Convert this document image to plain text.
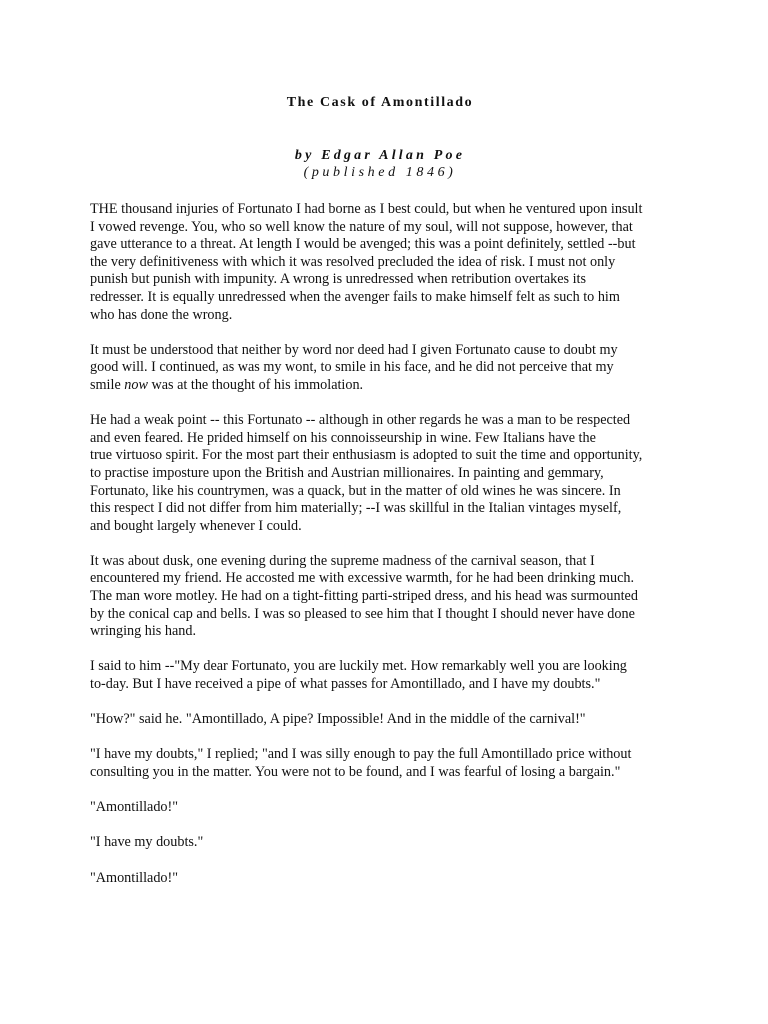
The Cask of Amontillado
by Edgar Allan Poe
(published 1846)

THE thousand injuries of Fortunato I had borne as I best could, but when he ventured upon insult
I vowed revenge. You, who so well know the nature of my soul, will not suppose, however, that
gave utterance to a threat. At length I would be avenged; this was a point definitely, settled --but
the very definitiveness with which it was resolved precluded the idea of risk. I must not only
punish but punish with impunity. A wrong is unredressed when retribution overtakes its
redresser. It is equally unredressed when the avenger fails to make himself felt as such to him
who has done the wrong.

It must be understood that neither by word nor deed had I given Fortunato cause to doubt my
good will. I continued, as was my wont, to smile in his face, and he did not perceive that my
smile now was at the thought of his immolation.

He had a weak point -- this Fortunato -- although in other regards he was a man to be respected
and even feared. He prided himself on his connoisseurship in wine. Few Italians have the
true virtuoso spirit. For the most part their enthusiasm is adopted to suit the time and opportunity,
to practise imposture upon the British and Austrian millionaires. In painting and gemmary,
Fortunato, like his countrymen, was a quack, but in the matter of old wines he was sincere. In
this respect I did not differ from him materially; --I was skillful in the Italian vintages myself,
and bought largely whenever I could.

It was about dusk, one evening during the supreme madness of the carnival season, that I
encountered my friend. He accosted me with excessive warmth, for he had been drinking much.
The man wore motley. He had on a tight-fitting parti-striped dress, and his head was surmounted
by the conical cap and bells. I was so pleased to see him that I thought I should never have done
wringing his hand.

I said to him --"My dear Fortunato, you are luckily met. How remarkably well you are looking
to-day. But I have received a pipe of what passes for Amontillado, and I have my doubts."

"How?" said he. "Amontillado, A pipe? Impossible! And in the middle of the carnival!"

"I have my doubts," I replied; "and I was silly enough to pay the full Amontillado price without
consulting you in the matter. You were not to be found, and I was fearful of losing a bargain."

"Amontillado!"

"I have my doubts."

"Amontillado!"
